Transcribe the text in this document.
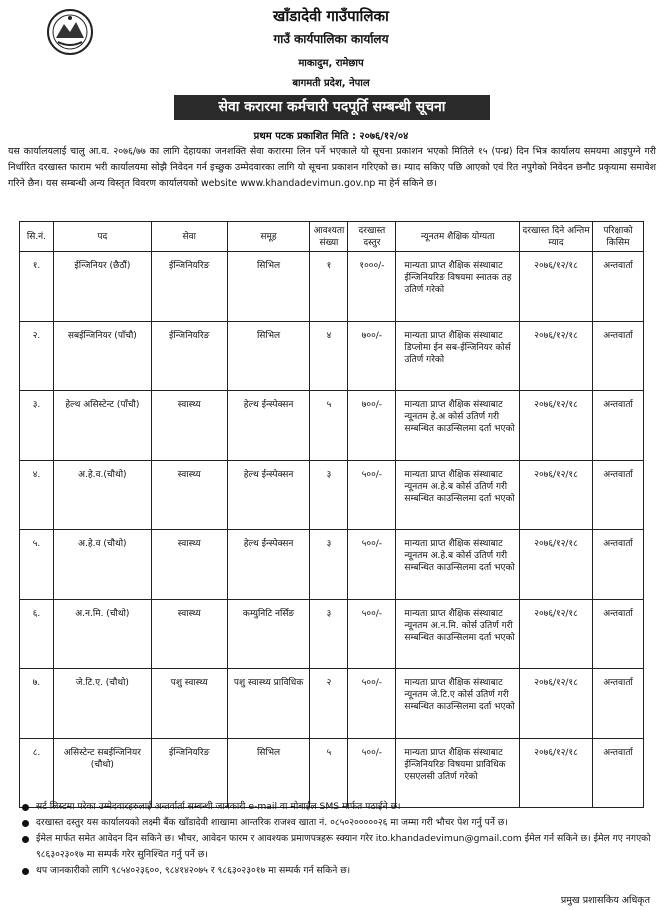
खाँडादेवी गाउँपालिका
गाउँ कार्यपालिका कार्यालय
माकादुम, रामेछाप
बागमती प्रदेश, नेपाल
सेवा करारमा कर्मचारी पदपूर्ति सम्बन्धी सूचना
प्रथम पटक प्रकाशित मिति : २०७६/१२/०४
यस कार्यालयलाई चालु आ.व. २०७६/७७ का लागि देहायका जनशक्ति सेवा करारमा लिन पर्ने भएकाले यो सूचना प्रकाशन भएको मितिले १५ (पन्ध्र) दिन भित्र कार्यालय समयमा आइपुग्ने गरी निर्धारित दरखास्त फाराम भरी कार्यालयमा सोझै निवेदन गर्न इच्छुक उम्मेदवारका लागि यो सूचना प्रकाशन गरिएको छ। म्याद सकिए पछि आएको एवं रित नपुगेको निवेदन छनौट प्रकृयामा समावेश गरिने छैन। यस सम्बन्धी अन्य विस्तृत विवरण कार्यालयको website www.khandadevimun.gov.np मा हेर्न सकिने छ।
सि.नं.	पद	सेवा	समूह	आवश्यता संख्या	दरखास्त दस्तुर	न्यूनतम शैक्षिक योग्यता	दरखास्त दिने अन्तिम म्याद	परिक्षाको किसिम
१.	ईन्जिनियर (छैठौं)	ईन्जिनियरिङ	सिभिल	१	१०००/-	मान्यता प्राप्त शैक्षिक संस्थाबाट ईन्जिनियरिङ विषयमा स्नातक तह उतिर्ण गरेको	२०७६/१२/१८	अन्तवार्ता
२.	सबईन्जिनियर (पाँचौ)	ईन्जिनियरिङ	सिभिल	४	७००/-	मान्यता प्राप्त शैक्षिक संस्थाबाट डिप्लोमा ईन सब-ईन्जिनियर कोर्स उतिर्ण गरेको	२०७६/१२/१८	अन्तवार्ता
३.	हेल्थ असिस्टेन्ट (पाँचौ)	स्वास्थ्य	हेल्थ ईन्स्पेक्सन	५	७००/-	मान्यता प्राप्त शैक्षिक संस्थाबाट न्यूनतम हे.अ कोर्स उतिर्ण गरी सम्बन्धित काउन्सिलमा दर्ता भएको	२०७६/१२/१८	अन्तवार्ता
४.	अ.हे.व.(चौथो)	स्वास्थ्य	हेल्थ ईन्स्पेक्सन	३	५००/-	मान्यता प्राप्त शैक्षिक संस्थाबाट न्यूनतम अ.हे.ब कोर्स उतिर्ण गरी सम्बन्धित काउन्सिलमा दर्ता भएको	२०७६/१२/१८	अन्तवार्ता
५.	अ.हे.व (चौथो)	स्वास्थ्य	हेल्थ ईन्स्पेक्सन	३	५००/-	मान्यता प्राप्त शैक्षिक संस्थाबाट न्यूनतम अ.हे.ब कोर्स उतिर्ण गरी सम्बन्धित काउन्सिलमा दर्ता भएको	२०७६/१२/१८	अन्तवार्ता
६.	अ.न.मि. (चौथो)	स्वास्थ्य	कम्युनिटि नर्सिङ	३	५००/-	मान्यता प्राप्त शैक्षिक संस्थाबाट न्यूनतम अ.न.मि. कोर्स उतिर्ण गरी सम्बन्धित काउन्सिलमा दर्ता भएको	२०७६/१२/१८	अन्तवार्ता
७.	जे.टि.ए. (चौथो)	पशु स्वास्थ्य	पशु स्वास्थ्य प्राविधिक	२	५००/-	मान्यता प्राप्त शैक्षिक संस्थाबाट न्यूनतम जे.टि.ए कोर्स उतिर्ण गरी सम्बन्धित काउन्सिलमा दर्ता भएको	२०७६/१२/१८	अन्तवार्ता
८.	असिस्टेन्ट सबईन्जिनियर (चौथो)	ईन्जिनियरिङ	सिभिल	५	५००/-	मान्यता प्राप्त शैक्षिक संस्थाबाट ईन्जिनियरिङ विषयमा प्राविधिक एसएलसी उतिर्ण गरेको	२०७६/१२/१८	अन्तवार्ता
सर्ट लिस्टमा परेका उम्मेदवारहरुलाई अन्तर्वार्ता सम्बन्धी जानकारी e-mail वा मोबाईल SMS मार्फत पठाईने छ।
दरखास्त दस्तुर यस कार्यालयको लक्ष्मी बैंक खाँडादेवी शाखामा आन्तरिक राजश्व खाता नं. ०८५०२०००००२६ मा जम्मा गरी भौचर पेश गर्नु पर्ने छ।
ईमेल मार्फत समेत आवेदन दिन सकिने छ। भौचर, आवेदन फारम र आवश्यक प्रमाणपत्रहरू स्क्यान गरेर ito.khandadevimun@gmail.com ईमेल गर्न सकिने छ। ईमेल गए नगएको ९८६३०२३०१७ मा सम्पर्क गरेर सुनिश्चित गर्नु पर्ने छ।
थप जानकारीको लागि ९८५४०२३६००, ९८४१४२०७५ र ९८६३०२३०१७ मा सम्पर्क गर्न सकिने छ।
प्रमुख प्रशासकिय अधिकृत
